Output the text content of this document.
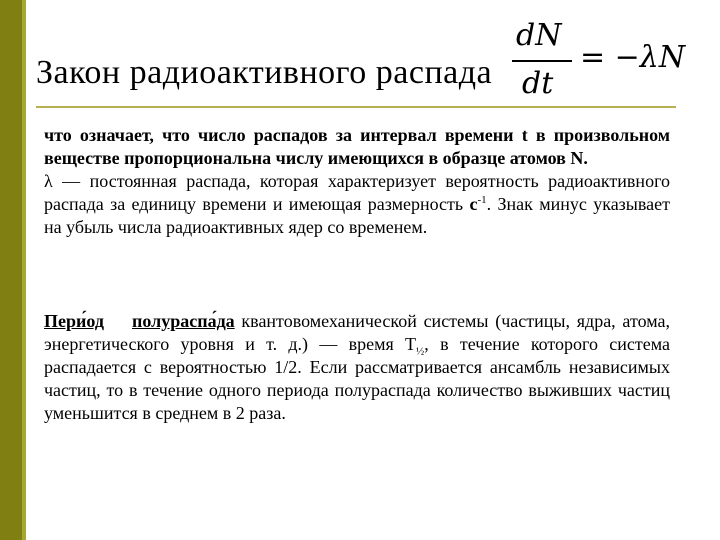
Закон радиоактивного распада
dN
dt
= −λN
что означает, что число распадов за интервал времени t в произвольном веществе пропорциональна числу имеющихся в образце атомов N.
λ — постоянная распада, которая характеризует вероятность радиоактивного распада за единицу времени и имеющая размерность $с^{-1}$. Знак минус указывает на убыль числа радиоактивных ядер со временем.
Пери́од полураспа́да квантовомеханической системы (частицы, ядра, атома, энергетического уровня и т. д.) — время $T_{\frac{1}{2}}$, в течение которого система распадается с вероятностью 1/2. Если рассматривается ансамбль независимых частиц, то в течение одного периода полураспада количество выживших частиц уменьшится в среднем в 2 раза.
